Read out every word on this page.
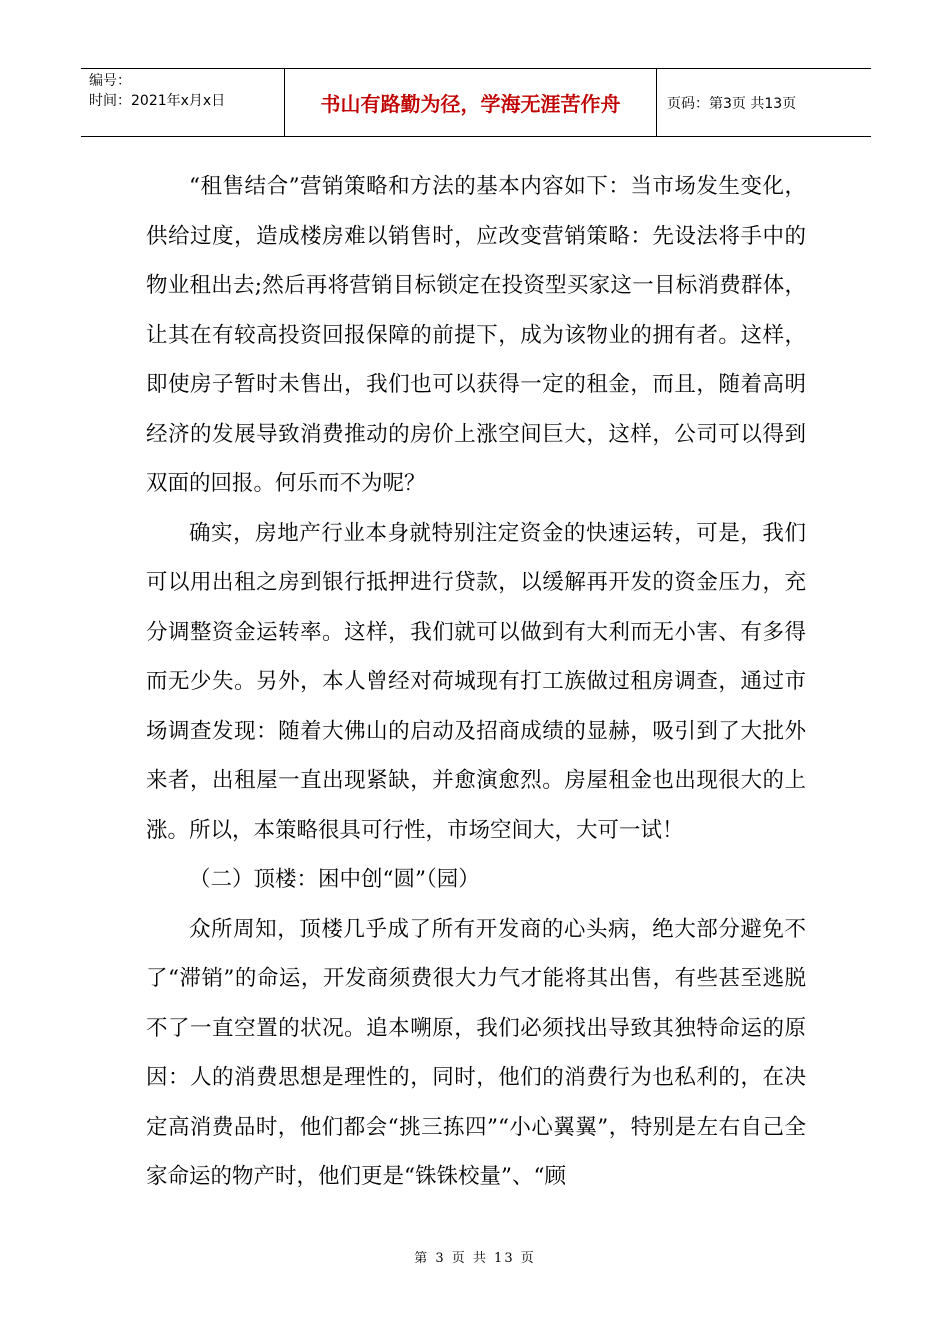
编号：
时间：2021年x月x日	书山有路勤为径，学海无涯苦作舟	页码：第3页 共13页

“租售结合”营销策略和方法的基本内容如下：当市场发生变化，供给过度，造成楼房难以销售时，应改变营销策略：先设法将手中的物业租出去;然后再将营销目标锁定在投资型买家这一目标消费群体，让其在有较高投资回报保障的前提下，成为该物业的拥有者。这样，即使房子暂时未售出，我们也可以获得一定的租金，而且，随着高明经济的发展导致消费推动的房价上涨空间巨大，这样，公司可以得到双面的回报。何乐而不为呢？

确实，房地产行业本身就特别注定资金的快速运转，可是，我们可以用出租之房到银行抵押进行贷款，以缓解再开发的资金压力，充分调整资金运转率。这样，我们就可以做到有大利而无小害、有多得而无少失。另外，本人曾经对荷城现有打工族做过租房调查，通过市场调查发现：随着大佛山的启动及招商成绩的显赫，吸引到了大批外来者，出租屋一直出现紧缺，并愈演愈烈。房屋租金也出现很大的上涨。所以，本策略很具可行性，市场空间大，大可一试！

（二）顶楼：困中创“圆”（园）

众所周知，顶楼几乎成了所有开发商的心头病，绝大部分避免不了“滞销”的命运，开发商须费很大力气才能将其出售，有些甚至逃脱不了一直空置的状况。追本嗍原，我们必须找出导致其独特命运的原因：人的消费思想是理性的，同时，他们的消费行为也私利的，在决定高消费品时，他们都会“挑三拣四”“小心翼翼”，特别是左右自己全家命运的物产时，他们更是“铢铢校量”、“顾

第 3 页 共 13 页
